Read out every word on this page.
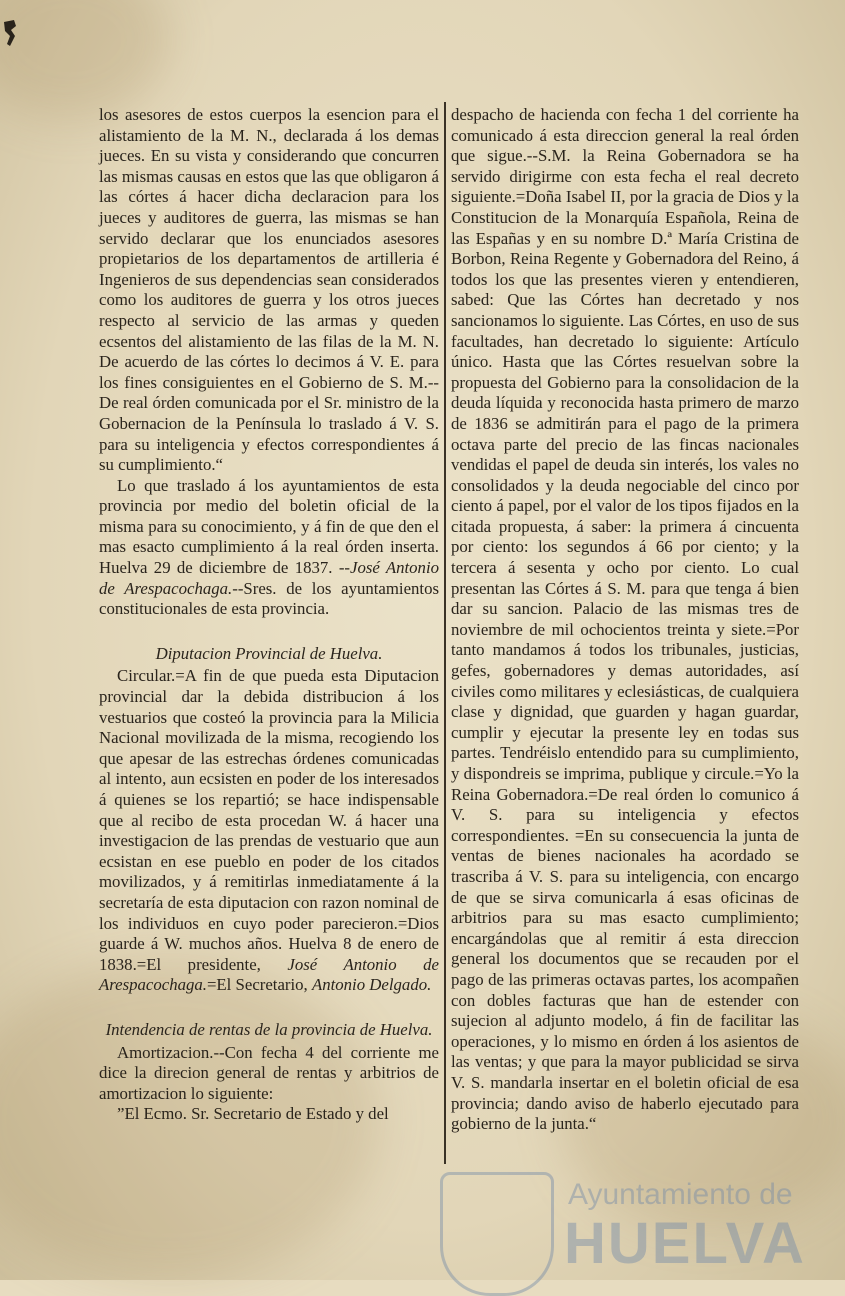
los asesores de estos cuerpos la esencion para el alistamiento de la M. N., declarada á los demas jueces. En su vista y considerando que concurren las mismas causas en estos que las que obligaron á las córtes á hacer dicha declaracion para los jueces y auditores de guerra, las mismas se han servido declarar que los enunciados asesores propietarios de los departamentos de artilleria é Ingenieros de sus dependencias sean considerados como los auditores de guerra y los otros jueces respecto al servicio de las armas y queden ecsentos del alistamiento de las filas de la M. N. De acuerdo de las córtes lo decimos á V. E. para los fines consiguientes en el Gobierno de S. M.--De real órden comunicada por el Sr. ministro de la Gobernacion de la Península lo traslado á V. S. para su inteligencia y efectos correspondientes á su cumplimiento.“

Lo que traslado á los ayuntamientos de esta provincia por medio del boletin oficial de la misma para su conocimiento, y á fin de que den el mas esacto cumplimiento á la real órden inserta. Huelva 29 de diciembre de 1837. --José Antonio de Arespacochaga.--Sres. de los ayuntamientos constitucionales de esta provincia.

Diputacion Provincial de Huelva.

Circular.=A fin de que pueda esta Diputacion provincial dar la debida distribucion á los vestuarios que costeó la provincia para la Milicia Nacional movilizada de la misma, recogiendo los que apesar de las estrechas órdenes comunicadas al intento, aun ecsisten en poder de los interesados á quienes se los repartió; se hace indispensable que al recibo de esta procedan W. á hacer una investigacion de las prendas de vestuario que aun ecsistan en ese pueblo en poder de los citados movilizados, y á remitirlas inmediatamente á la secretaría de esta diputacion con razon nominal de los individuos en cuyo poder parecieron.=Dios guarde á W. muchos años. Huelva 8 de enero de 1838.=El presidente, José Antonio de Arespacochaga.=El Secretario, Antonio Delgado.

Intendencia de rentas de la provincia de Huelva.

Amortizacion.--Con fecha 4 del corriente me dice la direcion general de rentas y arbitrios de amortizacion lo siguiente:

”El Ecmo. Sr. Secretario de Estado y del

despacho de hacienda con fecha 1 del corriente ha comunicado á esta direccion general la real órden que sigue.--S.M. la Reina Gobernadora se ha servido dirigirme con esta fecha el real decreto siguiente.=Doña Isabel II, por la gracia de Dios y la Constitucion de la Monarquía Española, Reina de las Españas y en su nombre D.ª María Cristina de Borbon, Reina Regente y Gobernadora del Reino, á todos los que las presentes vieren y entendieren, sabed: Que las Córtes han decretado y nos sancionamos lo siguiente. Las Córtes, en uso de sus facultades, han decretado lo siguiente: Artículo único. Hasta que las Córtes resuelvan sobre la propuesta del Gobierno para la consolidacion de la deuda líquida y reconocida hasta primero de marzo de 1836 se admitirán para el pago de la primera octava parte del precio de las fincas nacionales vendidas el papel de deuda sin interés, los vales no consolidados y la deuda negociable del cinco por ciento á papel, por el valor de los tipos fijados en la citada propuesta, á saber: la primera á cincuenta por ciento: los segundos á 66 por ciento; y la tercera á sesenta y ocho por ciento. Lo cual presentan las Córtes á S. M. para que tenga á bien dar su sancion. Palacio de las mismas tres de noviembre de mil ochocientos treinta y siete.=Por tanto mandamos á todos los tribunales, justicias, gefes, gobernadores y demas autoridades, así civiles como militares y eclesiásticas, de cualquiera clase y dignidad, que guarden y hagan guardar, cumplir y ejecutar la presente ley en todas sus partes. Tendréislo entendido para su cumplimiento, y dispondreis se imprima, publique y circule.=Yo la Reina Gobernadora.=De real órden lo comunico á V. S. para su inteligencia y efectos correspondientes. =En su consecuencia la junta de ventas de bienes nacionales ha acordado se trascriba á V. S. para su inteligencia, con encargo de que se sirva comunicarla á esas oficinas de arbitrios para su mas esacto cumplimiento; encargándolas que al remitir á esta direccion general los documentos que se recauden por el pago de las primeras octavas partes, los acompañen con dobles facturas que han de estender con sujecion al adjunto modelo, á fin de facilitar las operaciones, y lo mismo en órden á los asientos de las ventas; y que para la mayor publicidad se sirva V. S. mandarla insertar en el boletin oficial de esa provincia; dando aviso de haberlo ejecutado para gobierno de la junta.“

Ayuntamiento de
HUELVA
